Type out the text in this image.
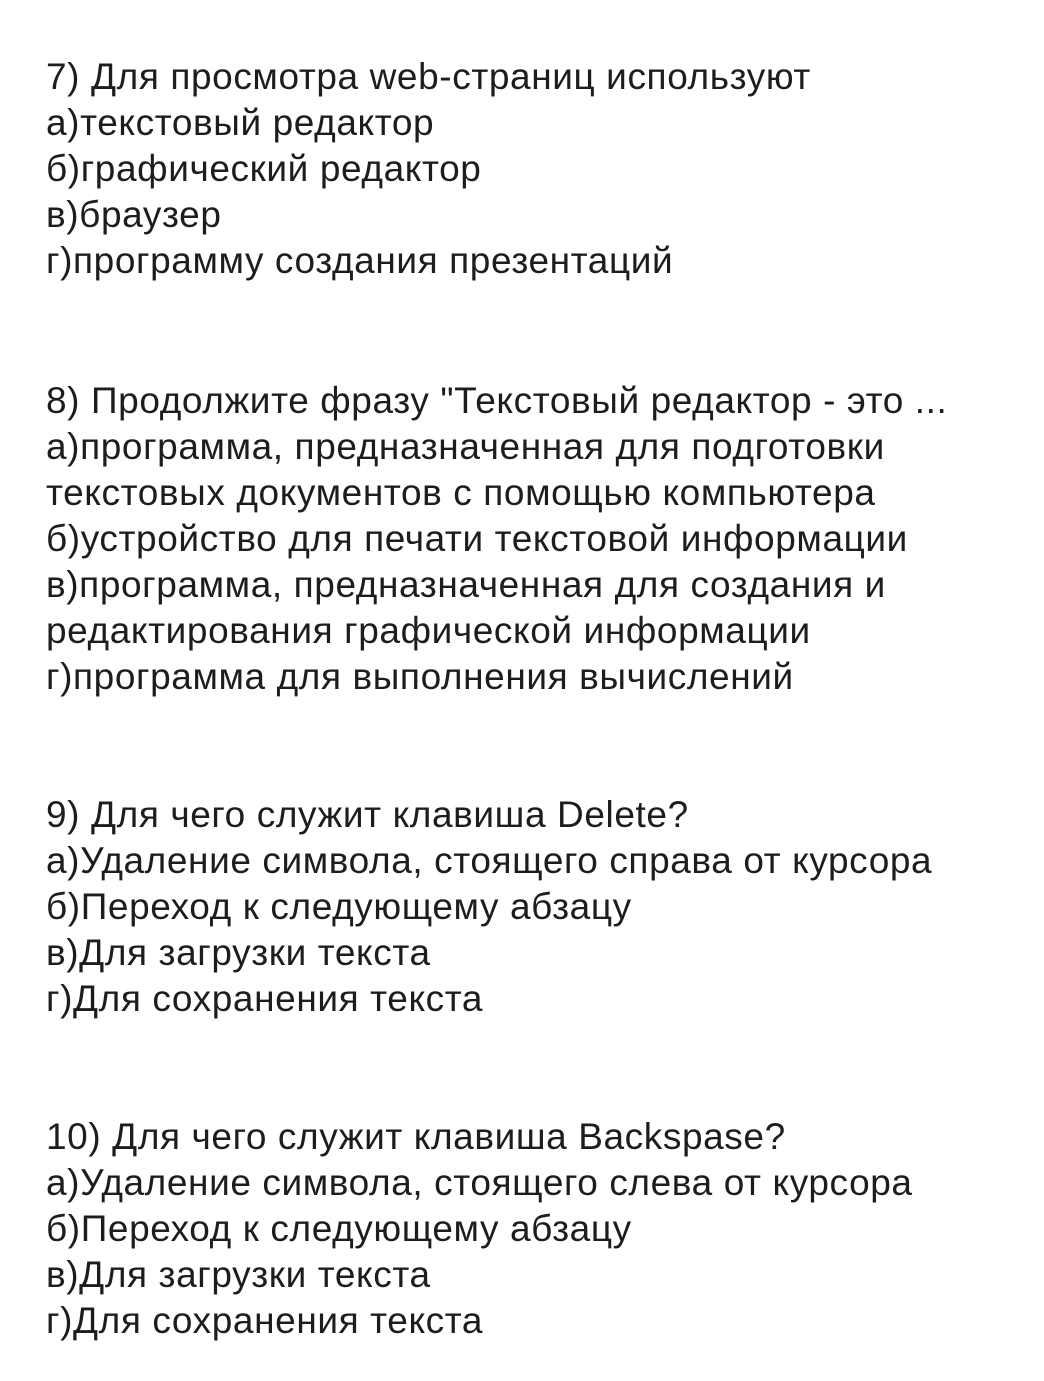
7) Для просмотра web-страниц используют
а)текстовый редактор
б)графический редактор
в)браузер
г)программу создания презентаций
8) Продолжите фразу "Текстовый редактор - это ...
а)программа, предназначенная для подготовки
текстовых документов с помощью компьютера
б)устройство для печати текстовой информации
в)программа, предназначенная для создания и
редактирования графической информации
г)программа для выполнения вычислений
9) Для чего служит клавиша Delete?
а)Удаление символа, стоящего справа от курсора
б)Переход к следующему абзацу
в)Для загрузки текста
г)Для сохранения текста
10) Для чего служит клавиша Backspase?
а)Удаление символа, стоящего слева от курсора
б)Переход к следующему абзацу
в)Для загрузки текста
г)Для сохранения текста
